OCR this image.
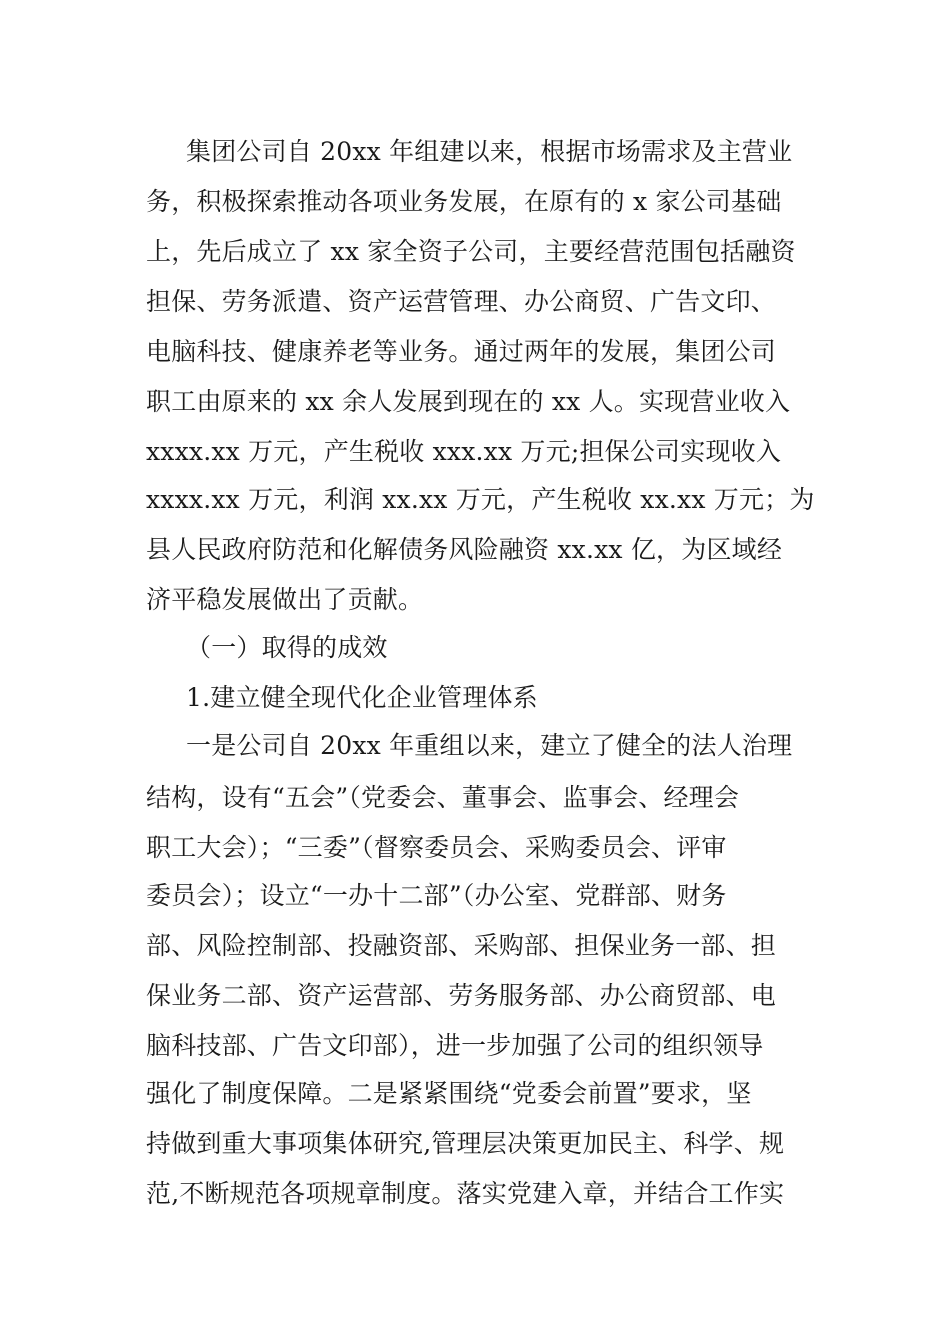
集团公司自 20xx 年组建以来，根据市场需求及主营业
务，积极探索推动各项业务发展，在原有的 x 家公司基础
上，先后成立了 xx 家全资子公司，主要经营范围包括融资
担保、劳务派遣、资产运营管理、办公商贸、广告文印、
电脑科技、健康养老等业务。通过两年的发展，集团公司
职工由原来的 xx 余人发展到现在的 xx 人。实现营业收入
xxxx.xx 万元，产生税收 xxx.xx 万元;担保公司实现收入
xxxx.xx 万元，利润 xx.xx 万元，产生税收 xx.xx 万元；为
县人民政府防范和化解债务风险融资 xx.xx 亿，为区域经
济平稳发展做出了贡献。
（一）取得的成效
1.建立健全现代化企业管理体系
一是公司自 20xx 年重组以来，建立了健全的法人治理
结构，设有“五会”（党委会、董事会、监事会、经理会
职工大会）；“三委”（督察委员会、采购委员会、评审
委员会）；设立“一办十二部”（办公室、党群部、财务
部、风险控制部、投融资部、采购部、担保业务一部、担
保业务二部、资产运营部、劳务服务部、办公商贸部、电
脑科技部、广告文印部），进一步加强了公司的组织领导
强化了制度保障。二是紧紧围绕“党委会前置”要求，坚
持做到重大事项集体研究,管理层决策更加民主、科学、规
范,不断规范各项规章制度。落实党建入章，并结合工作实
